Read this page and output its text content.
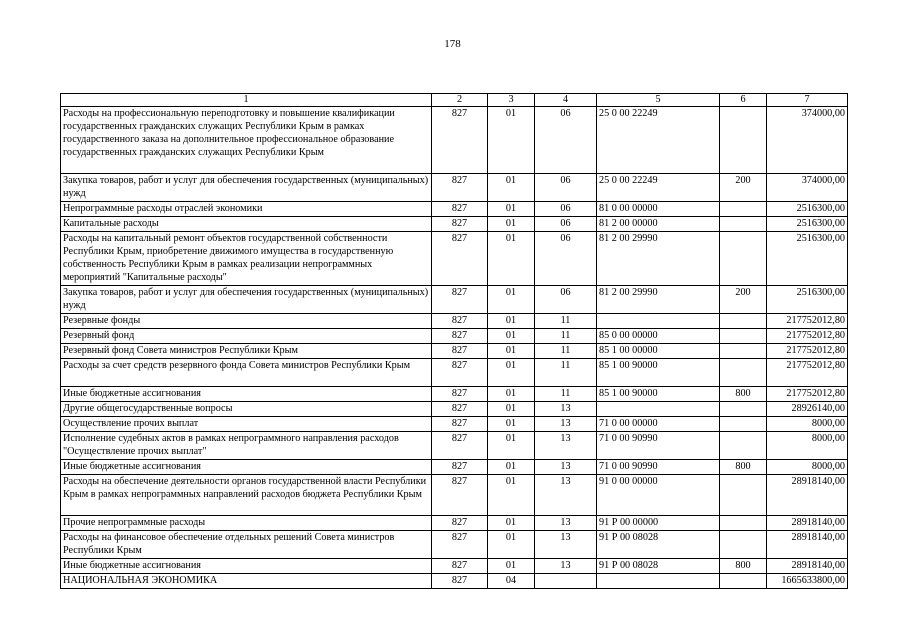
178
1	2	3	4	5	6	7
Расходы на профессиональную переподготовку и повышение квалификации государственных гражданских служащих Республики Крым в рамках государственного заказа на дополнительное профессиональное образование государственных гражданских служащих Республики Крым	827	01	06	25 0 00 22249		374000,00
Закупка товаров, работ и услуг для обеспечения государственных (муниципальных) нужд	827	01	06	25 0 00 22249	200	374000,00
Непрограммные расходы отраслей экономики	827	01	06	81 0 00 00000		2516300,00
Капитальные расходы	827	01	06	81 2 00 00000		2516300,00
Расходы на капитальный ремонт объектов государственной собственности Республики Крым, приобретение движимого имущества в государственную собственность Республики Крым в рамках реализации непрограммных мероприятий "Капитальные расходы"	827	01	06	81 2 00 29990		2516300,00
Закупка товаров, работ и услуг для обеспечения государственных (муниципальных) нужд	827	01	06	81 2 00 29990	200	2516300,00
Резервные фонды	827	01	11			217752012,80
Резервный фонд	827	01	11	85 0 00 00000		217752012,80
Резервный фонд Совета министров Республики Крым	827	01	11	85 1 00 00000		217752012,80
Расходы за счет средств резервного фонда Совета министров Республики Крым	827	01	11	85 1 00 90000		217752012,80
Иные бюджетные ассигнования	827	01	11	85 1 00 90000	800	217752012,80
Другие общегосударственные вопросы	827	01	13			28926140,00
Осуществление прочих выплат	827	01	13	71 0 00 00000		8000,00
Исполнение судебных актов в рамках непрограммного направления расходов "Осуществление прочих выплат"	827	01	13	71 0 00 90990		8000,00
Иные бюджетные ассигнования	827	01	13	71 0 00 90990	800	8000,00
Расходы на обеспечение деятельности органов государственной власти Республики Крым в рамках непрограммных направлений расходов бюджета Республики Крым	827	01	13	91 0 00 00000		28918140,00
Прочие непрограммные расходы	827	01	13	91 Р 00 00000		28918140,00
Расходы на финансовое обеспечение отдельных решений Совета министров Республики Крым	827	01	13	91 Р 00 08028		28918140,00
Иные бюджетные ассигнования	827	01	13	91 Р 00 08028	800	28918140,00
НАЦИОНАЛЬНАЯ ЭКОНОМИКА	827	04				1665633800,00
